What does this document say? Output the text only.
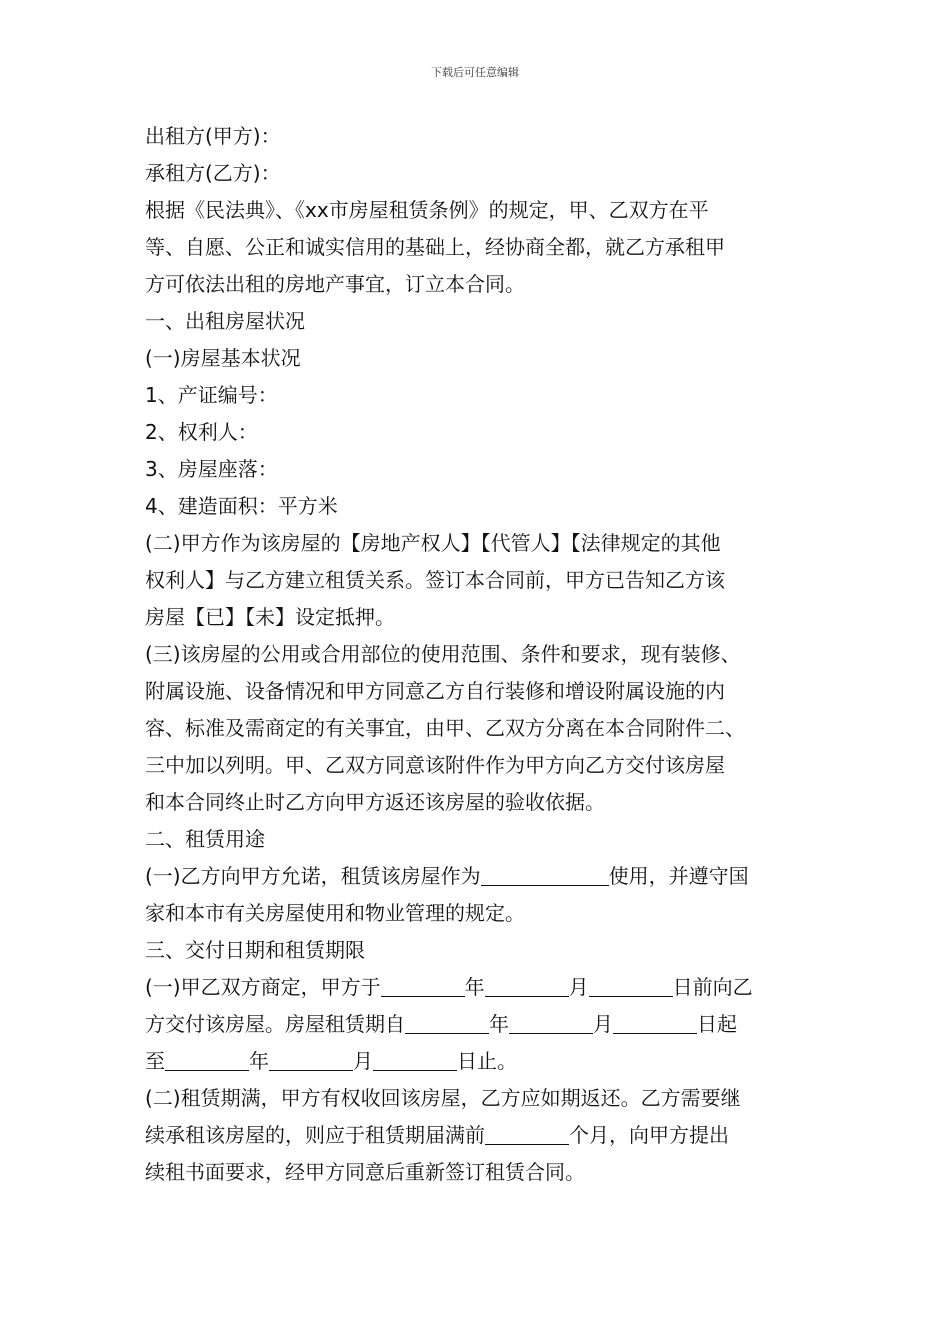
下载后可任意编辑

出租方(甲方)：

承租方(乙方)：

根据《民法典》、《xx市房屋租赁条例》的规定，甲、乙双方在平

等、自愿、公正和诚实信用的基础上，经协商全都，就乙方承租甲

方可依法出租的房地产事宜，订立本合同。

一、出租房屋状况

(一)房屋基本状况

1、产证编号：

2、权利人：

3、房屋座落：

4、建造面积：平方米

(二)甲方作为该房屋的【房地产权人】【代管人】【法律规定的其他

权利人】与乙方建立租赁关系。签订本合同前，甲方已告知乙方该

房屋【已】【未】设定抵押。

(三)该房屋的公用或合用部位的使用范围、条件和要求，现有装修、

附属设施、设备情况和甲方同意乙方自行装修和增设附属设施的内

容、标准及需商定的有关事宜，由甲、乙双方分离在本合同附件二、

三中加以列明。甲、乙双方同意该附件作为甲方向乙方交付该房屋

和本合同终止时乙方向甲方返还该房屋的验收依据。

二、租赁用途

(一)乙方向甲方允诺，租赁该房屋作为	使用，并遵守国

家和本市有关房屋使用和物业管理的规定。

三、交付日期和租赁期限

(一)甲乙双方商定，甲方于	年	月	日前向乙

方交付该房屋。房屋租赁期自	年	月	日起

至	年	月	日止。

(二)租赁期满，甲方有权收回该房屋，乙方应如期返还。乙方需要继

续承租该房屋的，则应于租赁期届满前	个月，向甲方提出

续租书面要求，经甲方同意后重新签订租赁合同。
